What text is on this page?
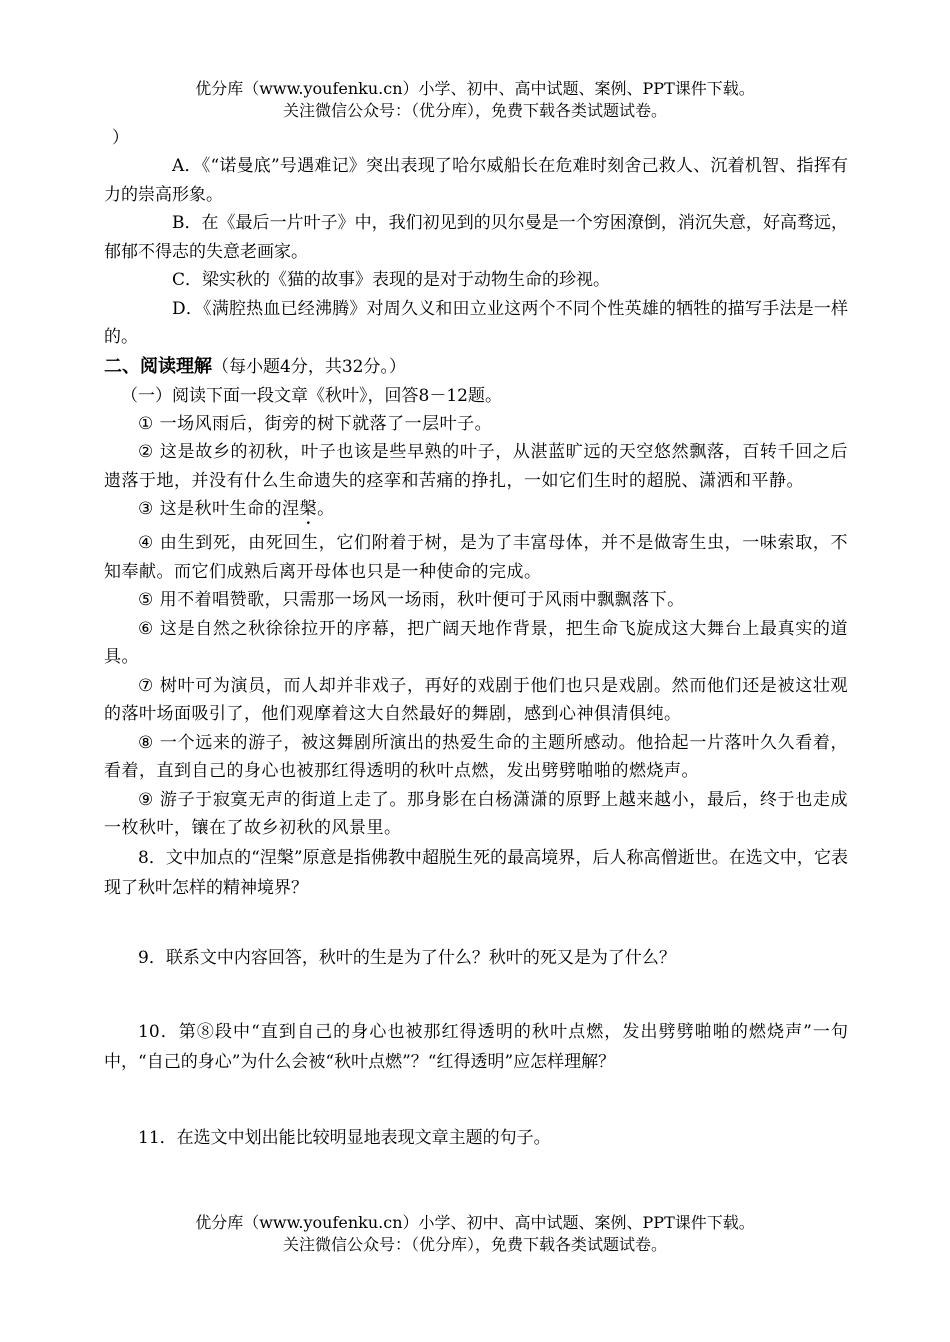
优分库（www.youfenku.cn）小学、初中、高中试题、案例、PPT课件下载。
关注微信公众号：（优分库），免费下载各类试题试卷。

）

A．《“诺曼底”号遇难记》突出表现了哈尔威船长在危难时刻舍己救人、沉着机智、指挥有力的崇高形象。

B．在《最后一片叶子》中，我们初见到的贝尔曼是一个穷困潦倒，消沉失意，好高骛远，郁郁不得志的失意老画家。

C．梁实秋的《猫的故事》表现的是对于动物生命的珍视。

D．《满腔热血已经沸腾》对周久义和田立业这两个不同个性英雄的牺牲的描写手法是一样的。

二、阅读理解（每小题4分，共32分。）

（一）阅读下面一段文章《秋叶》，回答8－12题。

① 一场风雨后，街旁的树下就落了一层叶子。

② 这是故乡的初秋，叶子也该是些早熟的叶子，从湛蓝旷远的天空悠然飘落，百转千回之后遗落于地，并没有什么生命遗失的痉挛和苦痛的挣扎，一如它们生时的超脱、潇洒和平静。

③ 这是秋叶生命的涅槃。

④ 由生到死，由死回生，它们附着于树，是为了丰富母体，并不是做寄生虫，一味索取，不知奉献。而它们成熟后离开母体也只是一种使命的完成。

⑤ 用不着唱赞歌，只需那一场风一场雨，秋叶便可于风雨中飘飘落下。

⑥ 这是自然之秋徐徐拉开的序幕，把广阔天地作背景，把生命飞旋成这大舞台上最真实的道具。

⑦ 树叶可为演员，而人却并非戏子，再好的戏剧于他们也只是戏剧。然而他们还是被这壮观的落叶场面吸引了，他们观摩着这大自然最好的舞剧，感到心神俱清俱纯。

⑧ 一个远来的游子，被这舞剧所演出的热爱生命的主题所感动。他拾起一片落叶久久看着，看着，直到自己的身心也被那红得透明的秋叶点燃，发出劈劈啪啪的燃烧声。

⑨ 游子于寂寞无声的街道上走了。那身影在白杨潇潇的原野上越来越小，最后，终于也走成一枚秋叶，镶在了故乡初秋的风景里。

8．文中加点的“涅槃”原意是指佛教中超脱生死的最高境界，后人称高僧逝世。在选文中，它表现了秋叶怎样的精神境界？

9．联系文中内容回答，秋叶的生是为了什么？秋叶的死又是为了什么？

10．第⑧段中“直到自己的身心也被那红得透明的秋叶点燃，发出劈劈啪啪的燃烧声”一句中，“自己的身心”为什么会被“秋叶点燃”？“红得透明”应怎样理解？

11．在选文中划出能比较明显地表现文章主题的句子。

优分库（www.youfenku.cn）小学、初中、高中试题、案例、PPT课件下载。
关注微信公众号：（优分库），免费下载各类试题试卷。
